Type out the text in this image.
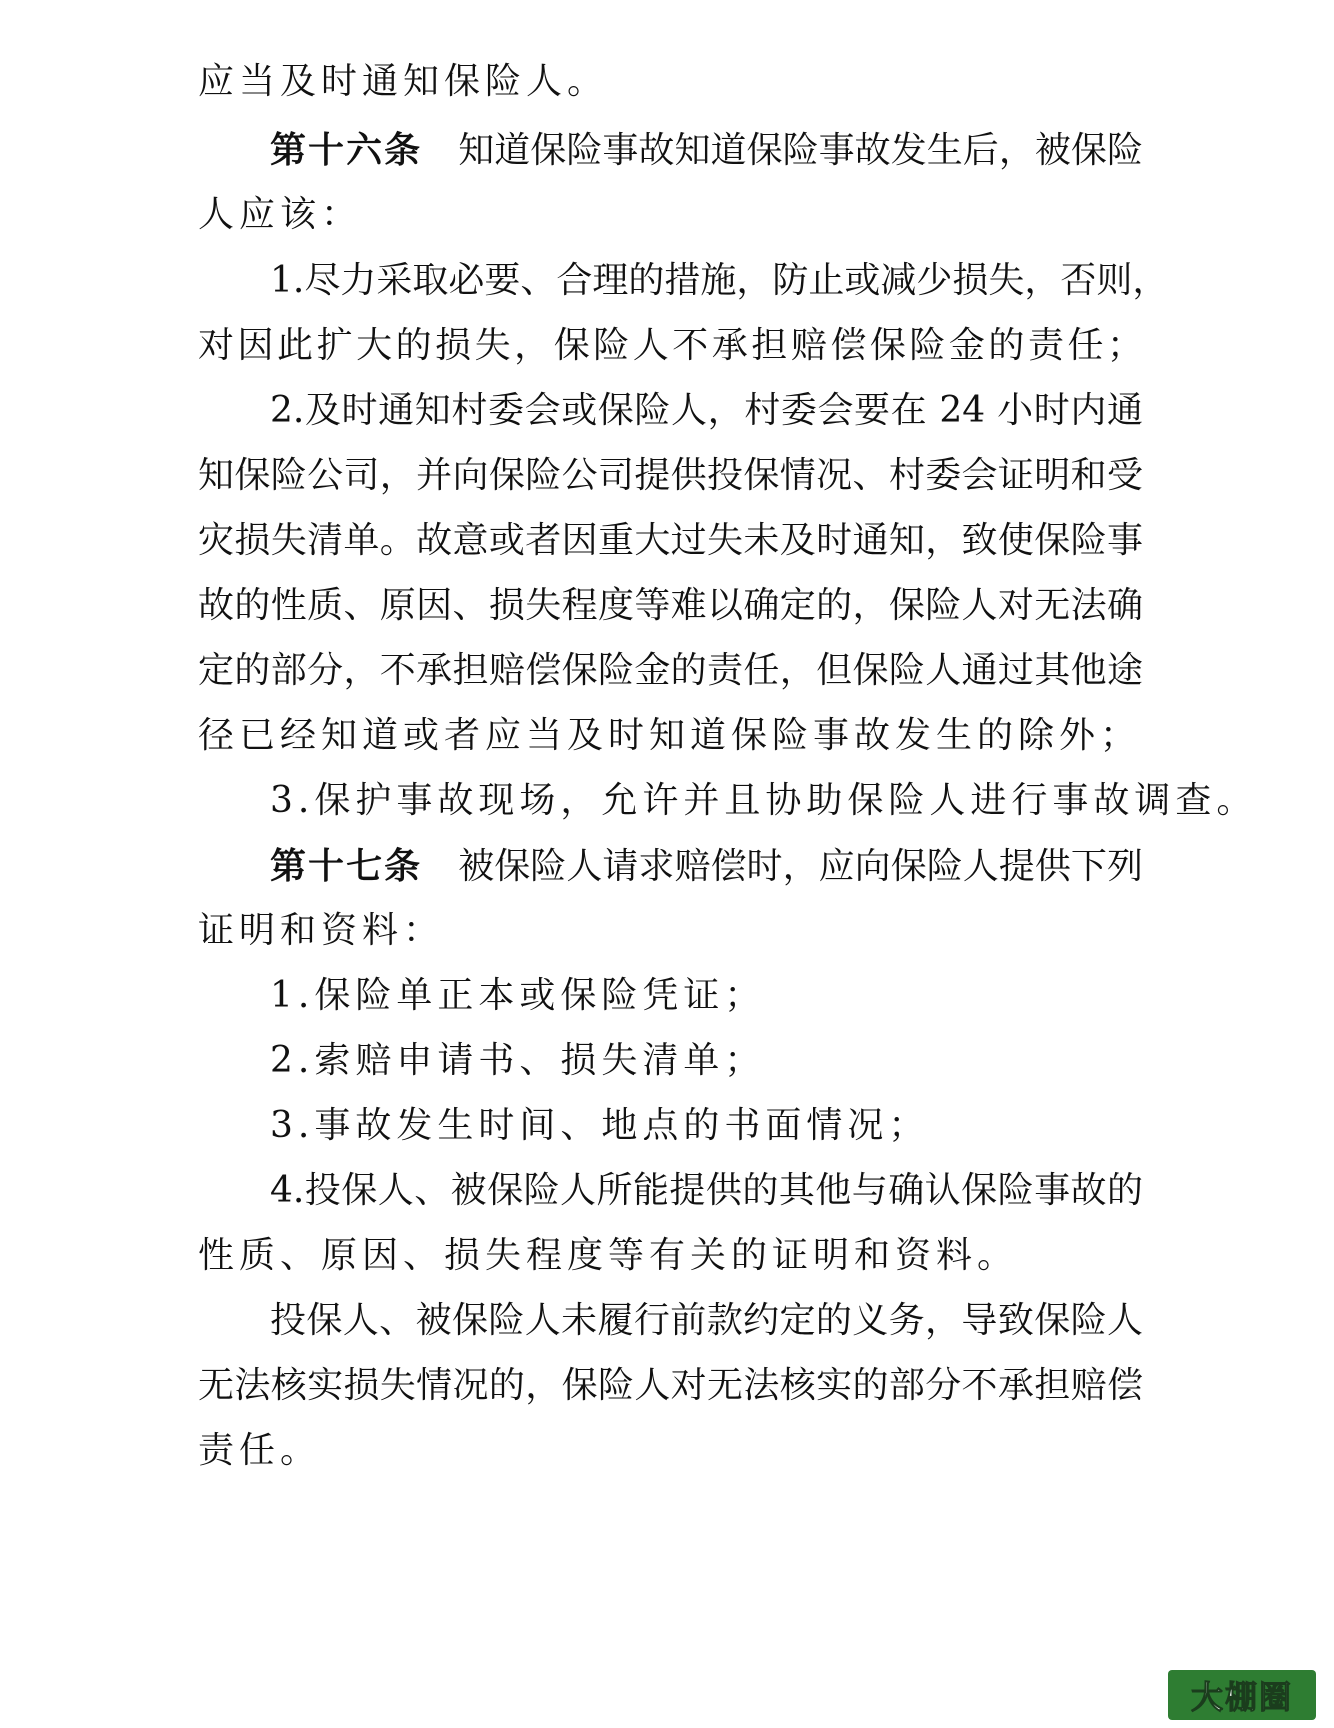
应当及时通知保险人。
第十六条 知道保险事故知道保险事故发生后，被保险
人应该：
1.尽力采取必要、合理的措施，防止或减少损失，否则，
对因此扩大的损失，保险人不承担赔偿保险金的责任；
2.及时通知村委会或保险人，村委会要在 24 小时内通
知保险公司，并向保险公司提供投保情况、村委会证明和受
灾损失清单。故意或者因重大过失未及时通知，致使保险事
故的性质、原因、损失程度等难以确定的，保险人对无法确
定的部分，不承担赔偿保险金的责任，但保险人通过其他途
径已经知道或者应当及时知道保险事故发生的除外；
3.保护事故现场，允许并且协助保险人进行事故调查。
第十七条 被保险人请求赔偿时，应向保险人提供下列
证明和资料：
1.保险单正本或保险凭证；
2.索赔申请书、损失清单；
3.事故发生时间、地点的书面情况；
4.投保人、被保险人所能提供的其他与确认保险事故的
性质、原因、损失程度等有关的证明和资料。
投保人、被保险人未履行前款约定的义务，导致保险人
无法核实损失情况的，保险人对无法核实的部分不承担赔偿
责任。
大棚圈
